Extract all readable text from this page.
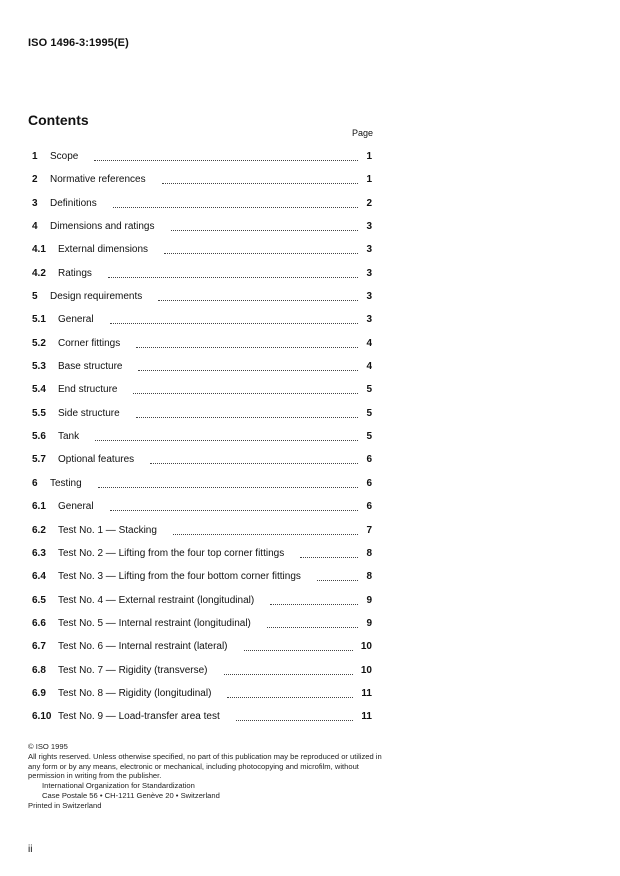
ISO 1496-3:1995(E)
Contents
Page
1 Scope	1
2 Normative references	1
3 Definitions	2
4 Dimensions and ratings	3
4.1 External dimensions	3
4.2 Ratings	3
5 Design requirements	3
5.1 General	3
5.2 Corner fittings	4
5.3 Base structure	4
5.4 End structure	5
5.5 Side structure	5
5.6 Tank	5
5.7 Optional features	6
6 Testing	6
6.1 General	6
6.2 Test No. 1 — Stacking	7
6.3 Test No. 2 — Lifting from the four top corner fittings	8
6.4 Test No. 3 — Lifting from the four bottom corner fittings	8
6.5 Test No. 4 — External restraint (longitudinal)	9
6.6 Test No. 5 — Internal restraint (longitudinal)	9
6.7 Test No. 6 — Internal restraint (lateral)	10
6.8 Test No. 7 — Rigidity (transverse)	10
6.9 Test No. 8 — Rigidity (longitudinal)	11
6.10 Test No. 9 — Load-transfer area test	11
© ISO 1995
All rights reserved. Unless otherwise specified, no part of this publication may be reproduced or utilized in any form or by any means, electronic or mechanical, including photocopying and microfilm, without permission in writing from the publisher.
International Organization for Standardization
Case Postale 56 • CH-1211 Genève 20 • Switzerland
Printed in Switzerland
ii
